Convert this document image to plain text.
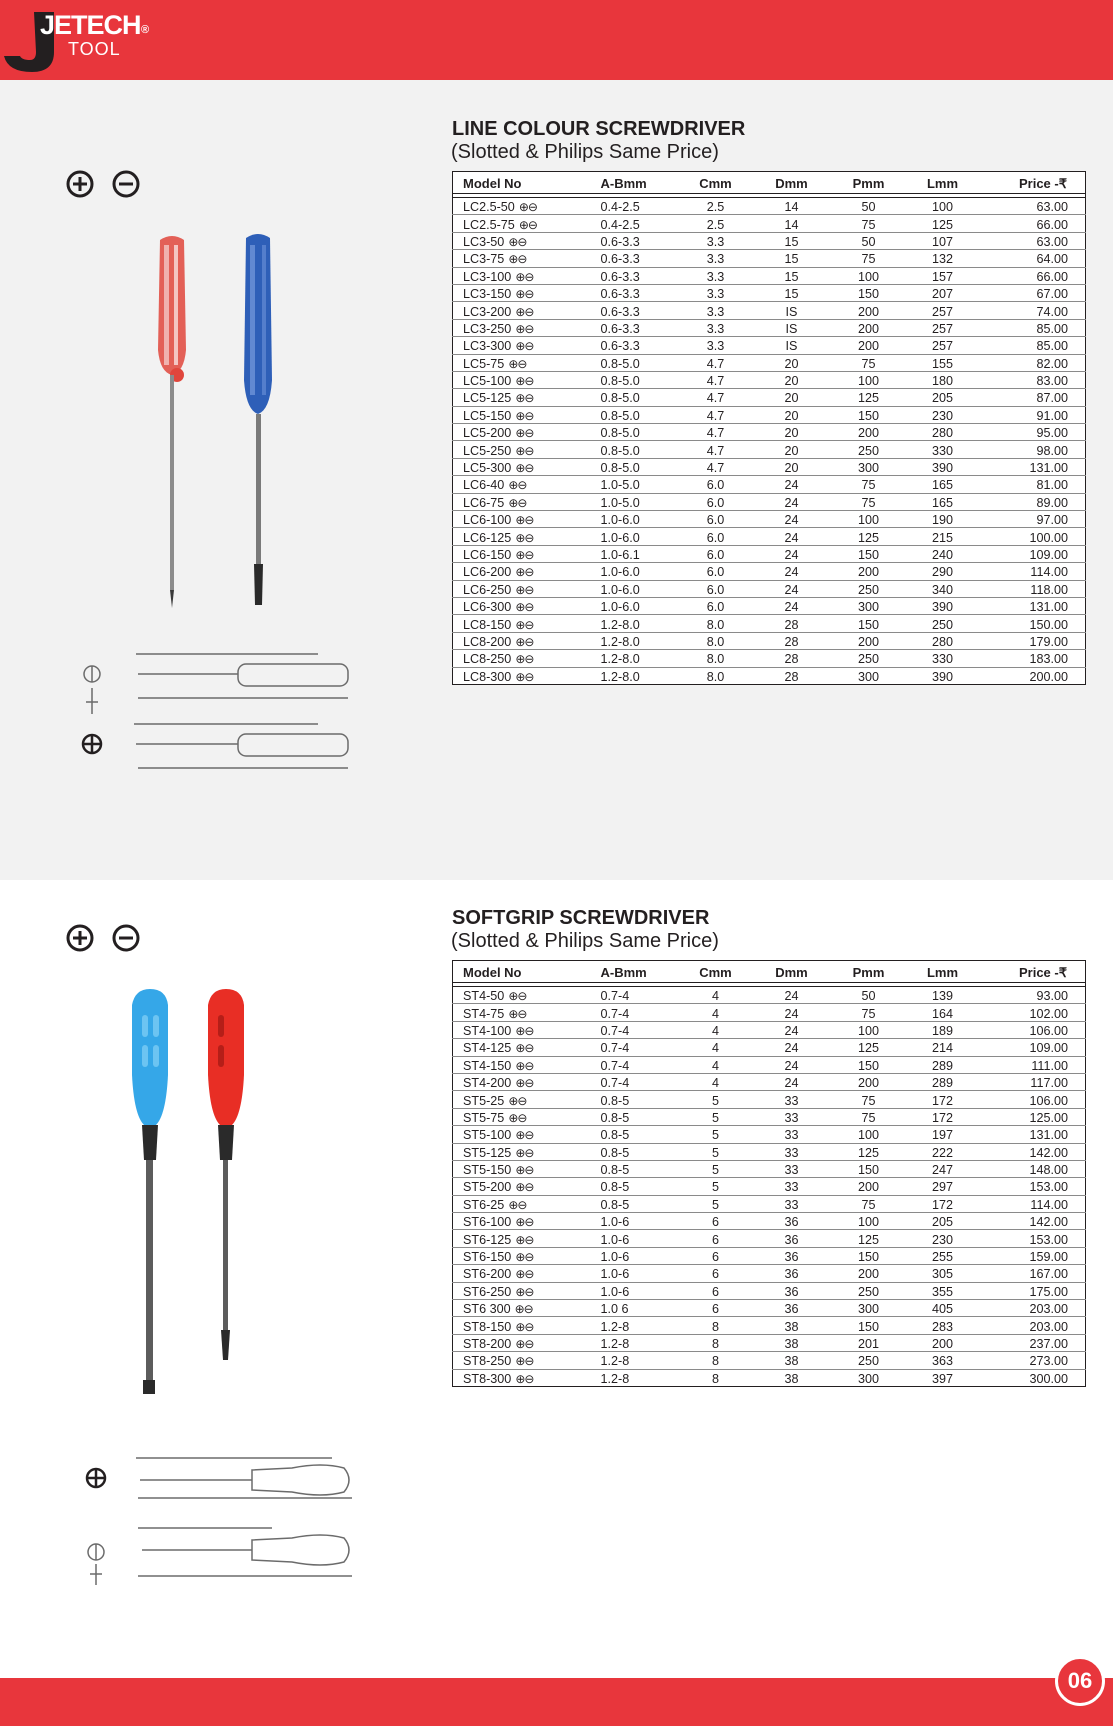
JETECH ®
TOOL
LINE COLOUR SCREWDRIVER
(Slotted & Philips Same Price)
Model No	A-Bmm	Cmm	Dmm	Pmm	Lmm	Price -₹

LC2.5-50 ⊕⊖	0.4-2.5	2.5	14	50	100	63.00
LC2.5-75 ⊕⊖	0.4-2.5	2.5	14	75	125	66.00
LC3-50 ⊕⊖	0.6-3.3	3.3	15	50	107	63.00
LC3-75 ⊕⊖	0.6-3.3	3.3	15	75	132	64.00
LC3-100 ⊕⊖	0.6-3.3	3.3	15	100	157	66.00
LC3-150 ⊕⊖	0.6-3.3	3.3	15	150	207	67.00
LC3-200 ⊕⊖	0.6-3.3	3.3	IS	200	257	74.00
LC3-250 ⊕⊖	0.6-3.3	3.3	IS	200	257	85.00
LC3-300 ⊕⊖	0.6-3.3	3.3	IS	200	257	85.00
LC5-75 ⊕⊖	0.8-5.0	4.7	20	75	155	82.00
LC5-100 ⊕⊖	0.8-5.0	4.7	20	100	180	83.00
LC5-125 ⊕⊖	0.8-5.0	4.7	20	125	205	87.00
LC5-150 ⊕⊖	0.8-5.0	4.7	20	150	230	91.00
LC5-200 ⊕⊖	0.8-5.0	4.7	20	200	280	95.00
LC5-250 ⊕⊖	0.8-5.0	4.7	20	250	330	98.00
LC5-300 ⊕⊖	0.8-5.0	4.7	20	300	390	131.00
LC6-40 ⊕⊖	1.0-5.0	6.0	24	75	165	81.00
LC6-75 ⊕⊖	1.0-5.0	6.0	24	75	165	89.00
LC6-100 ⊕⊖	1.0-6.0	6.0	24	100	190	97.00
LC6-125 ⊕⊖	1.0-6.0	6.0	24	125	215	100.00
LC6-150 ⊕⊖	1.0-6.1	6.0	24	150	240	109.00
LC6-200 ⊕⊖	1.0-6.0	6.0	24	200	290	114.00
LC6-250 ⊕⊖	1.0-6.0	6.0	24	250	340	118.00
LC6-300 ⊕⊖	1.0-6.0	6.0	24	300	390	131.00
LC8-150 ⊕⊖	1.2-8.0	8.0	28	150	250	150.00
LC8-200 ⊕⊖	1.2-8.0	8.0	28	200	280	179.00
LC8-250 ⊕⊖	1.2-8.0	8.0	28	250	330	183.00
LC8-300 ⊕⊖	1.2-8.0	8.0	28	300	390	200.00
SOFTGRIP SCREWDRIVER
(Slotted & Philips Same Price)
Model No	A-Bmm	Cmm	Dmm	Pmm	Lmm	Price -₹

ST4-50 ⊕⊖	0.7-4	4	24	50	139	93.00
ST4-75 ⊕⊖	0.7-4	4	24	75	164	102.00
ST4-100 ⊕⊖	0.7-4	4	24	100	189	106.00
ST4-125 ⊕⊖	0.7-4	4	24	125	214	109.00
ST4-150 ⊕⊖	0.7-4	4	24	150	289	111.00
ST4-200 ⊕⊖	0.7-4	4	24	200	289	117.00
ST5-25 ⊕⊖	0.8-5	5	33	75	172	106.00
ST5-75 ⊕⊖	0.8-5	5	33	75	172	125.00
ST5-100 ⊕⊖	0.8-5	5	33	100	197	131.00
ST5-125 ⊕⊖	0.8-5	5	33	125	222	142.00
ST5-150 ⊕⊖	0.8-5	5	33	150	247	148.00
ST5-200 ⊕⊖	0.8-5	5	33	200	297	153.00
ST6-25 ⊕⊖	0.8-5	5	33	75	172	114.00
ST6-100 ⊕⊖	1.0-6	6	36	100	205	142.00
ST6-125 ⊕⊖	1.0-6	6	36	125	230	153.00
ST6-150 ⊕⊖	1.0-6	6	36	150	255	159.00
ST6-200 ⊕⊖	1.0-6	6	36	200	305	167.00
ST6-250 ⊕⊖	1.0-6	6	36	250	355	175.00
ST6 300 ⊕⊖	1.0 6	6	36	300	405	203.00
ST8-150 ⊕⊖	1.2-8	8	38	150	283	203.00
ST8-200 ⊕⊖	1.2-8	8	38	201	200	237.00
ST8-250 ⊕⊖	1.2-8	8	38	250	363	273.00
ST8-300 ⊕⊖	1.2-8	8	38	300	397	300.00
06
